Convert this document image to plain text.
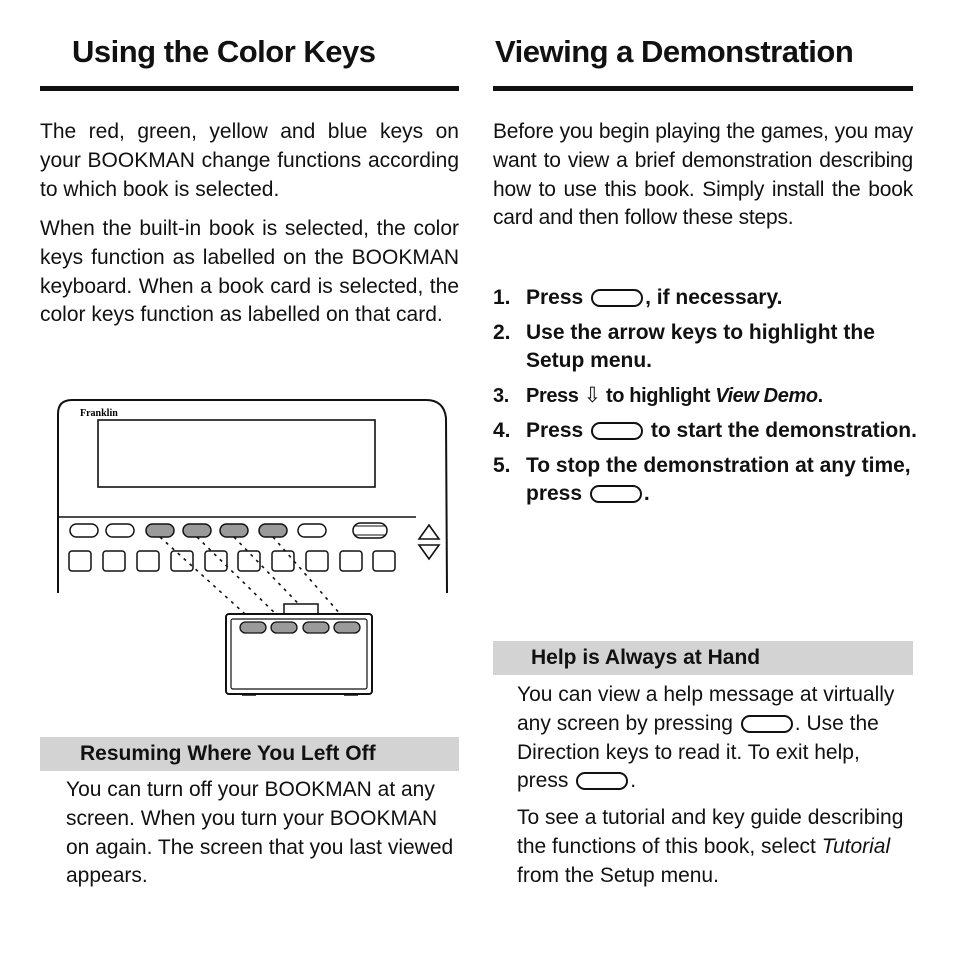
Using the Color Keys

The red, green, yellow and blue keys on your BOOKMAN change functions according to which book is selected.

When the built-in book is selected, the color keys function as labelled on the BOOKMAN keyboard. When a book card is selected, the color keys function as labelled on that card.

Resuming Where You Left Off

You can turn off your BOOKMAN at any screen. When you turn your BOOKMAN on again. The screen that you last viewed appears.

Franklin
Viewing a Demonstration

Before you begin playing the games, you may want to view a brief demonstration describing how to use this book. Simply install the book card and then follow these steps.

1. Press	, if necessary.
2. Use the arrow keys to highlight the Setup menu.
3. Press ⇩ to highlight View Demo.
4. Press	to start the demonstration.
5. To stop the demonstration at any time, press	.
Help is Always at Hand

You can view a help message at virtually any screen by pressing	. Use the Direction keys to read it. To exit help, press	.

To see a tutorial and key guide describing the functions of this book, select Tutorial from the Setup menu.
